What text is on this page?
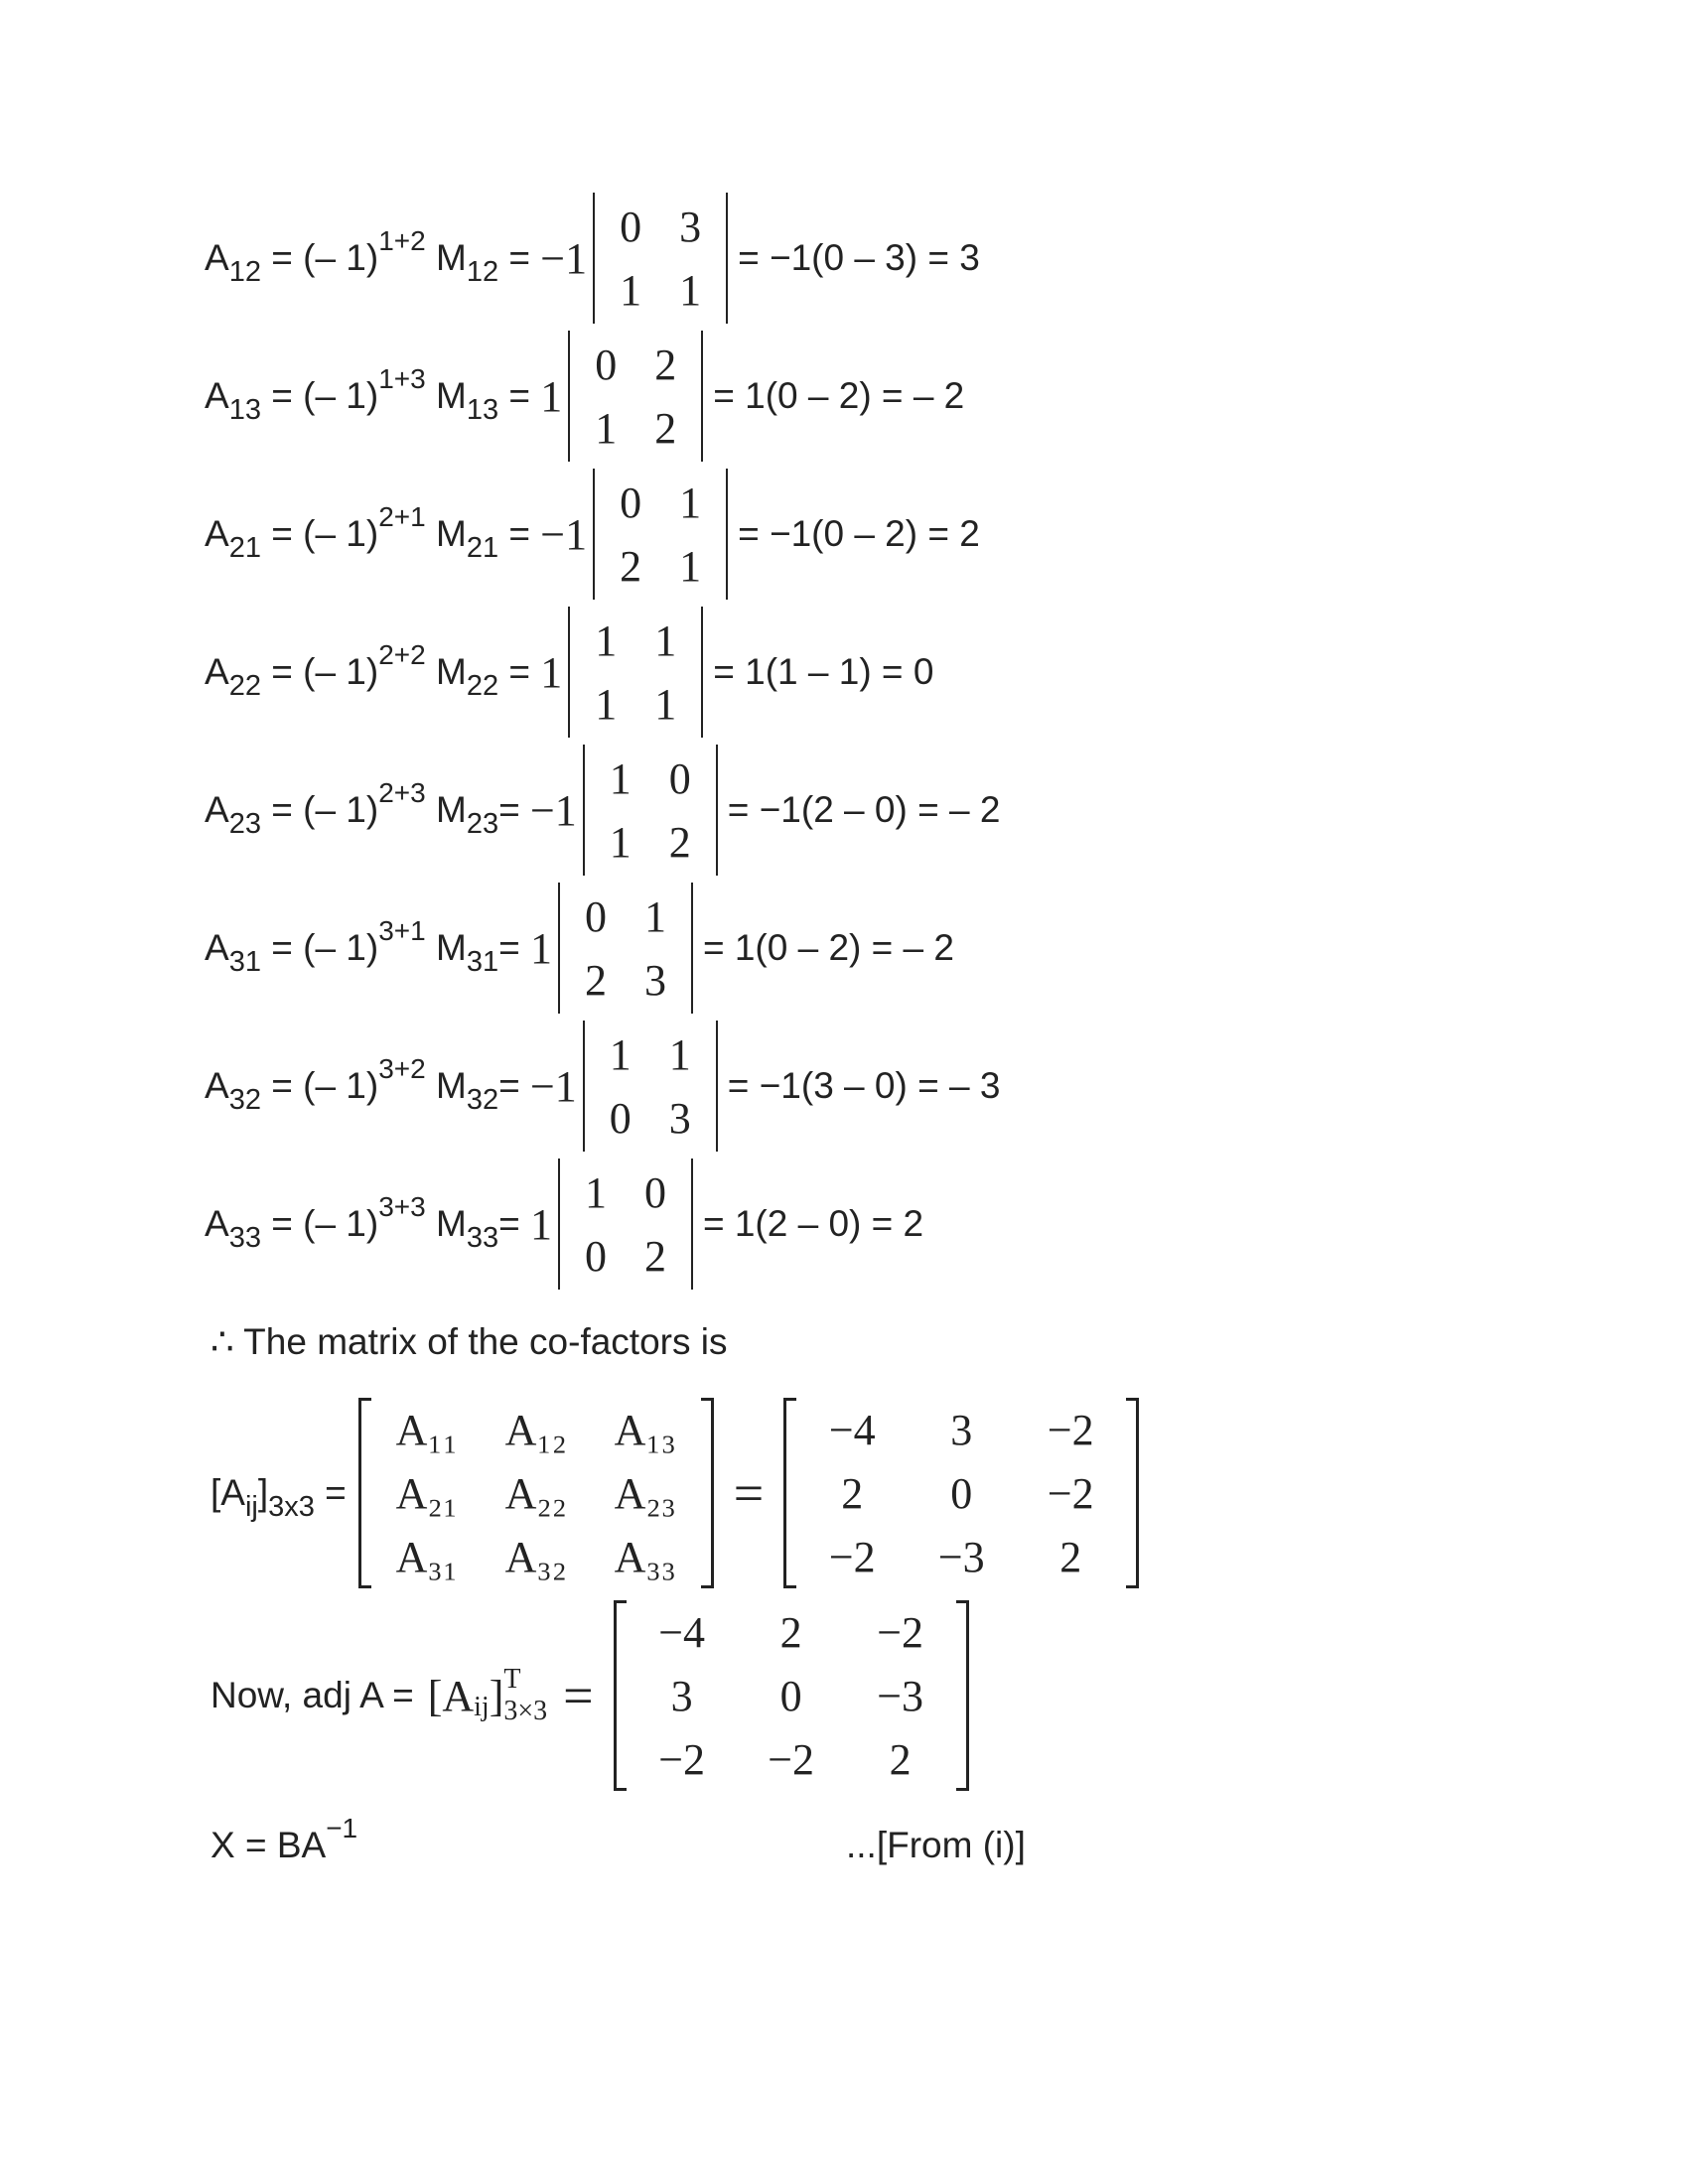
A 12 = (– 1) 1+2 M 12 = −1
0 3
1 1
= −1(0 – 3) = 3
A 13 = (– 1) 1+3 M 13 = 1
0 2
1 2
= 1(0 – 2) = – 2
A 21 = (– 1) 2+1 M 21 = −1
0 1
2 1
= −1(0 – 2) = 2
A 22 = (– 1) 2+2 M 22 = 1
1 1
1 1
= 1(1 – 1) = 0
A 23 = (– 1) 2+3 M 23 = −1
1 0
1 2
= −1(2 – 0) = – 2
A 31 = (– 1) 3+1 M 31 = 1
0 1
2 3
= 1(0 – 2) = – 2
A 32 = (– 1) 3+2 M 32 = −1
1 1
0 3
= −1(3 – 0) = – 3
A 33 = (– 1) 3+3 M 33 = 1
1 0
0 2
= 1(2 – 0) = 2
∴ The matrix of the co-factors is
[A ij ] 3x3 =
A₁₁	A₁₂	A₁₃
A₂₁	A₂₂	A₂₃
A₃₁	A₃₂	A₃₃
=
−4	3	−2
2	0	−2
−2	−3	2
Now, adj A = [A ij ] T
3×3 =
−4	2	−2
3	0	−3
−2	−2	2
X = BA −1	...[From (i)]
